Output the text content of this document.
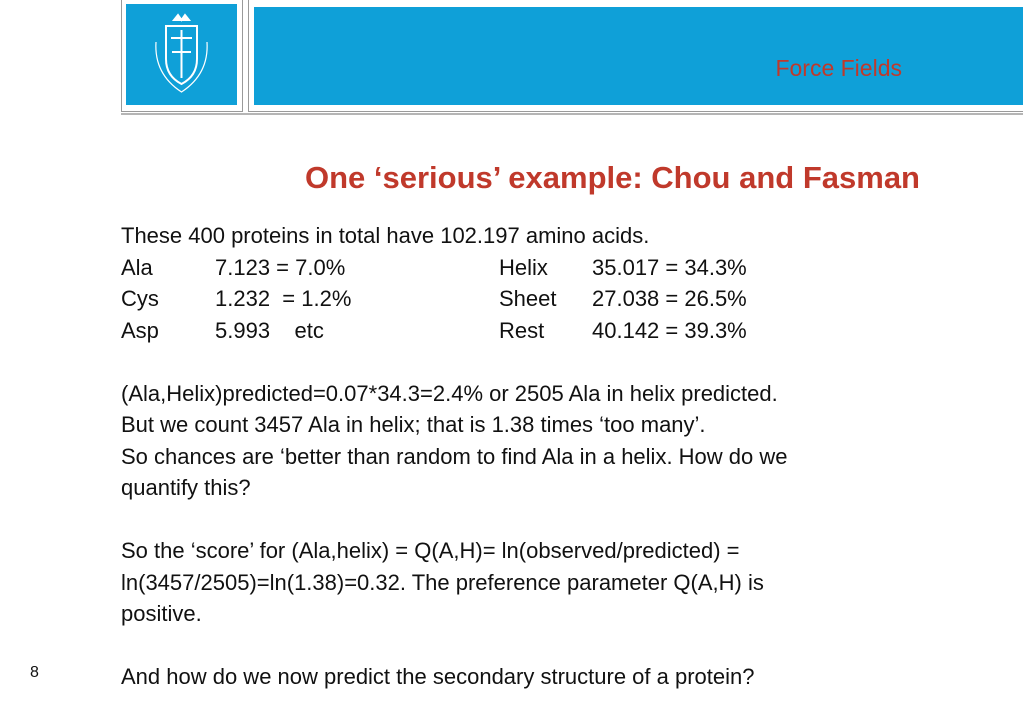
Force Fields
One ‘serious’ example: Chou and Fasman
These 400 proteins in total have 102.197 amino acids.
Ala	7.123 = 7.0%	Helix 35.017 = 34.3%
Cys	1.232  = 1.2%	Sheet 27.038 = 26.5%
Asp	5.993    etc	Rest 40.142 = 39.3%
(Ala,Helix)predicted=0.07*34.3=2.4% or 2505 Ala in helix predicted.
But we count 3457 Ala in helix; that is 1.38 times ‘too many’.
So chances are ‘better than random to find Ala in a helix. How do we
quantify this?
So the ‘score’ for (Ala,helix) = Q(A,H)= ln(observed/predicted) =
ln(3457/2505)=ln(1.38)=0.32. The preference parameter Q(A,H) is
positive.
And how do we now predict the secondary structure of a protein?
8
